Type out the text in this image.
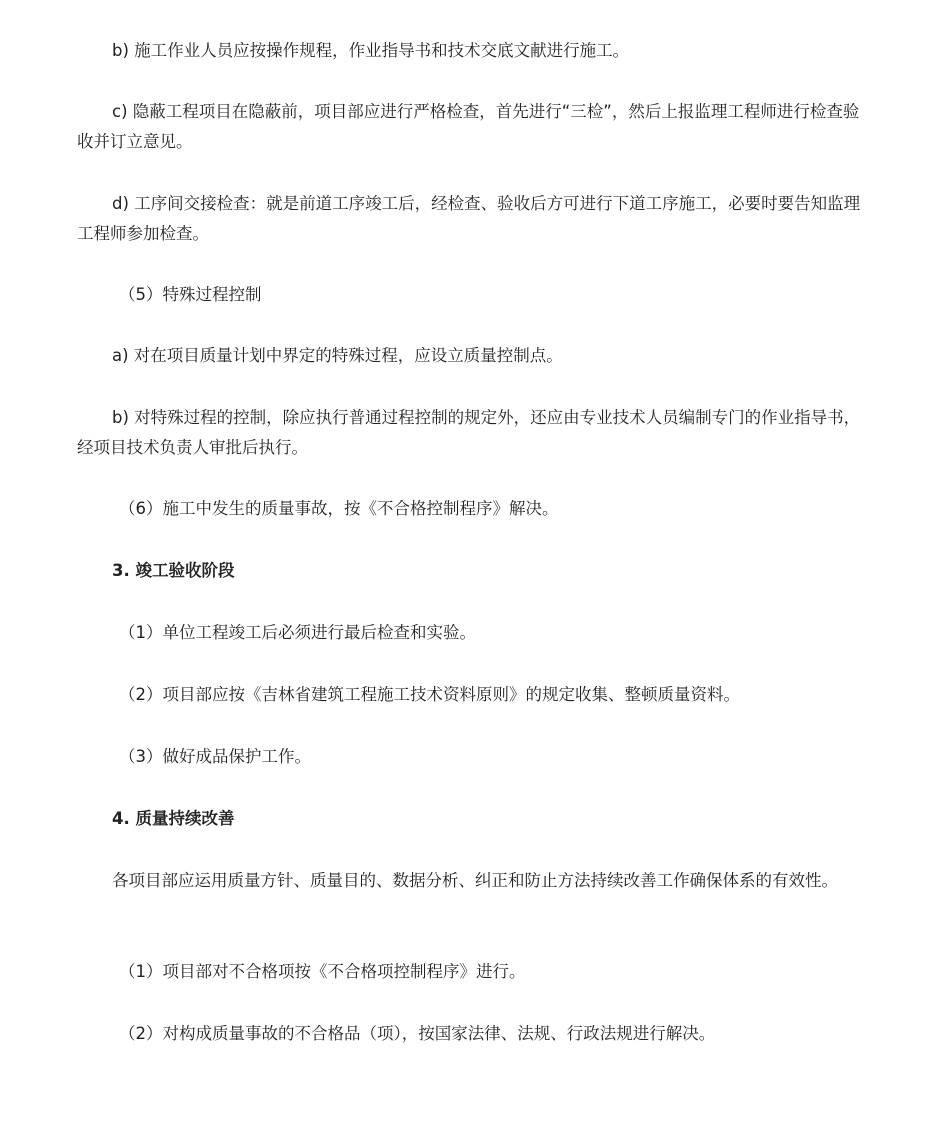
b) 施工作业人员应按操作规程，作业指导书和技术交底文献进行施工。

c) 隐蔽工程项目在隐蔽前，项目部应进行严格检查，首先进行“三检”，然后上报监理工程师进行检查验收并订立意见。

d) 工序间交接检查：就是前道工序竣工后，经检查、验收后方可进行下道工序施工，必要时要告知监理工程师参加检查。

（5）特殊过程控制

a) 对在项目质量计划中界定的特殊过程，应设立质量控制点。

b) 对特殊过程的控制，除应执行普通过程控制的规定外，还应由专业技术人员编制专门的作业指导书，经项目技术负责人审批后执行。

（6）施工中发生的质量事故，按《不合格控制程序》解决。

3. 竣工验收阶段

（1）单位工程竣工后必须进行最后检查和实验。

（2）项目部应按《吉林省建筑工程施工技术资料原则》的规定收集、整顿质量资料。

（3）做好成品保护工作。

4. 质量持续改善

各项目部应运用质量方针、质量目的、数据分析、纠正和防止方法持续改善工作确保体系的有效性。

（1）项目部对不合格项按《不合格项控制程序》进行。

（2）对构成质量事故的不合格品（项），按国家法律、法规、行政法规进行解决。
